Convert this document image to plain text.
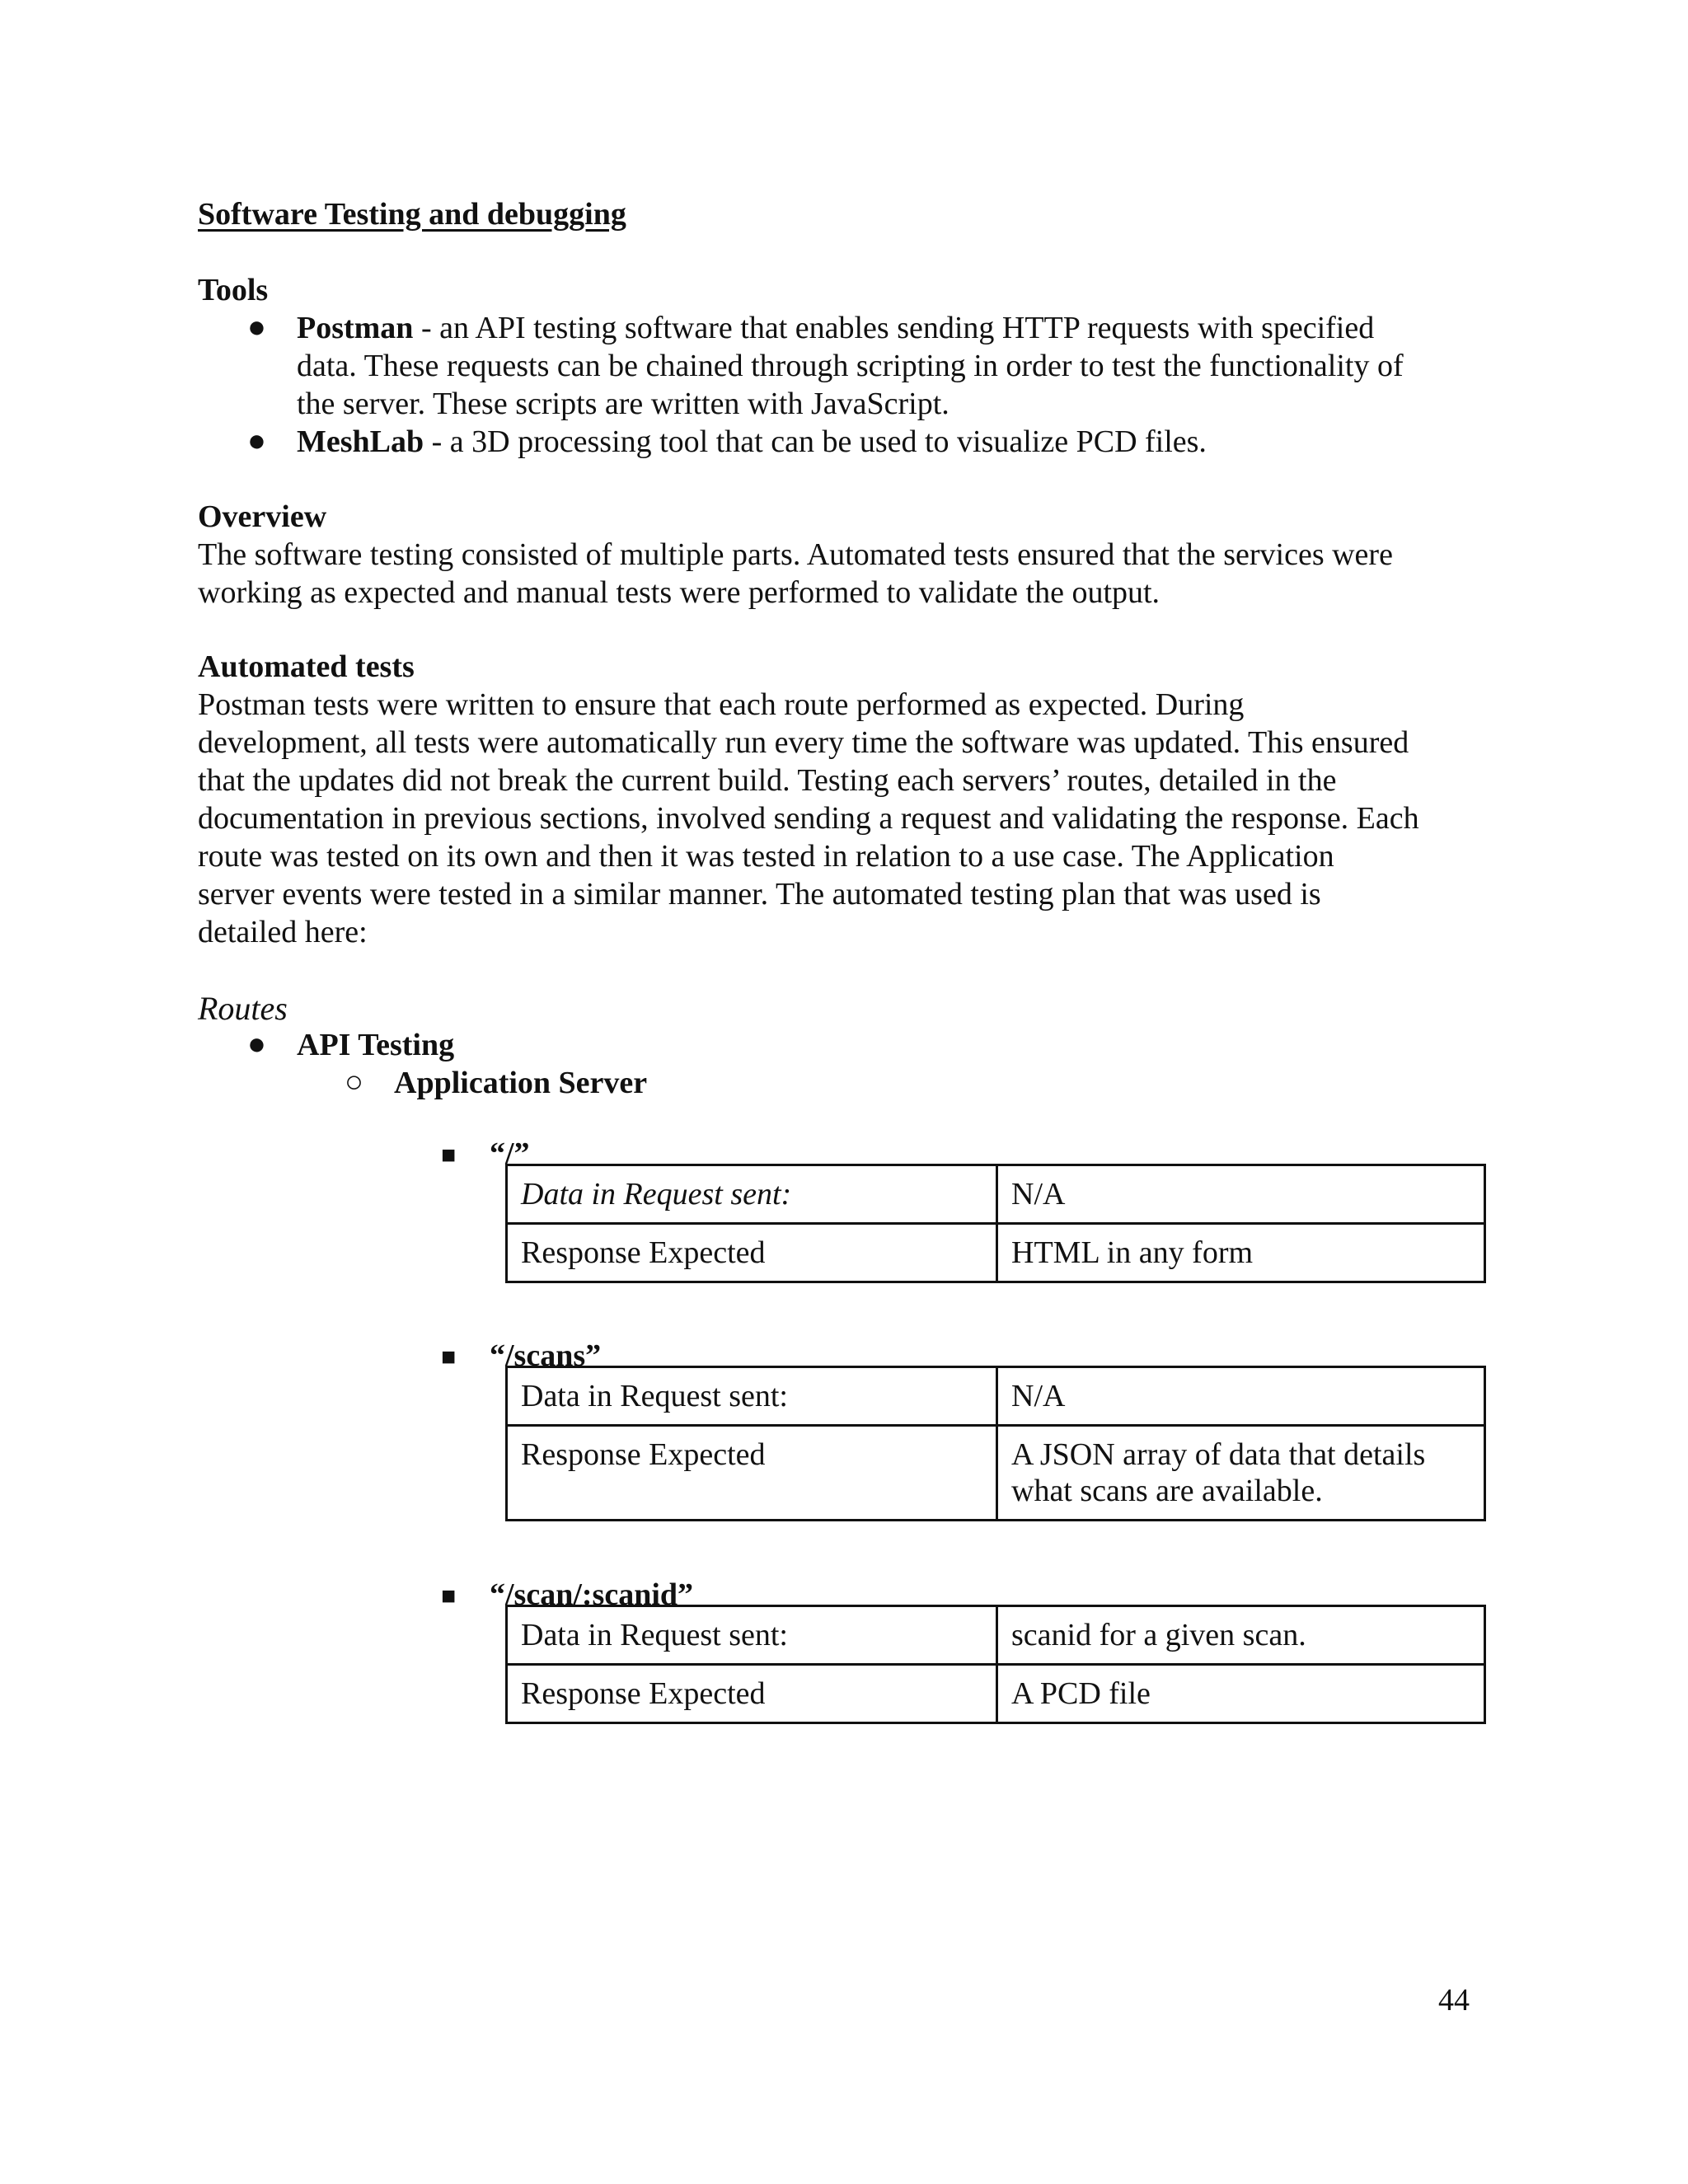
Software Testing and debugging
Tools
● Postman - an API testing software that enables sending HTTP requests with specified
data. These requests can be chained through scripting in order to test the functionality of
the server. These scripts are written with JavaScript.
● MeshLab - a 3D processing tool that can be used to visualize PCD files.
Overview
The software testing consisted of multiple parts. Automated tests ensured that the services were
working as expected and manual tests were performed to validate the output.
Automated tests
Postman tests were written to ensure that each route performed as expected. During
development, all tests were automatically run every time the software was updated. This ensured
that the updates did not break the current build. Testing each servers’ routes, detailed in the
documentation in previous sections, involved sending a request and validating the response. Each
route was tested on its own and then it was tested in relation to a use case. The Application
server events were tested in a similar manner. The automated testing plan that was used is
detailed here:
Routes
● API Testing
○ Application Server
■ “/”
Data in Request sent:	N/A
Response Expected	HTML in any form
■ “/scans”
Data in Request sent:	N/A
Response Expected	A JSON array of data that details what scans are available.
■ “/scan/:scanid”
Data in Request sent:	scanid for a given scan.
Response Expected	A PCD file
44
